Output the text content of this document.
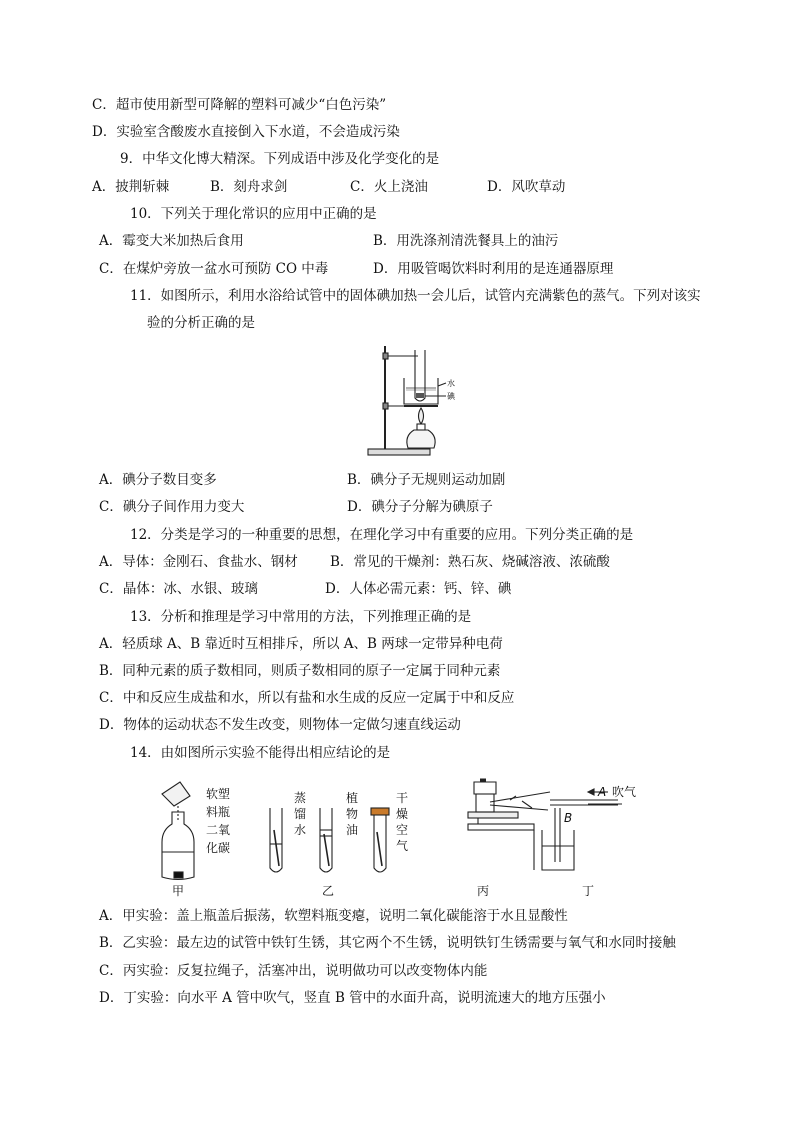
C．超市使用新型可降解的塑料可减少“白色污染”
D．实验室含酸废水直接倒入下水道，不会造成污染
9．中华文化博大精深。下列成语中涉及化学变化的是
A．披荆斩棘	B．刻舟求剑	C．火上浇油	D．风吹草动
10．下列关于理化常识的应用中正确的是
A．霉变大米加热后食用	B．用洗涤剂清洗餐具上的油污
C．在煤炉旁放一盆水可预防 CO 中毒	D．用吸管喝饮料时利用的是连通器原理
11．如图所示，利用水浴给试管中的固体碘加热一会儿后，试管内充满紫色的蒸气。下列对该实
验的分析正确的是
水
碘
A．碘分子数目变多	B．碘分子无规则运动加剧
C．碘分子间作用力变大	D．碘分子分解为碘原子
12．分类是学习的一种重要的思想，在理化学习中有重要的应用。下列分类正确的是
A．导体：金刚石、食盐水、钢材 B．常见的干燥剂：熟石灰、烧碱溶液、浓硫酸
C．晶体：冰、水银、玻璃	D．人体必需元素：钙、锌、碘
13．分析和推理是学习中常用的方法，下列推理正确的是
A．轻质球 A、B 靠近时互相排斥，所以 A、B 两球一定带异种电荷
B．同种元素的质子数相同，则质子数相同的原子一定属于同种元素
C．中和反应生成盐和水，所以有盐和水生成的反应一定属于中和反应
D．物体的运动状态不发生改变，则物体一定做匀速直线运动
14．由如图所示实验不能得出相应结论的是
软塑
料瓶
二氧
化碳
蒸
馏
水
植
物
油
干
燥
空
气
A
B
吹气
甲	乙	丙	丁
A．甲实验：盖上瓶盖后振荡，软塑料瓶变瘪，说明二氧化碳能溶于水且显酸性
B．乙实验：最左边的试管中铁钉生锈，其它两个不生锈，说明铁钉生锈需要与氧气和水同时接触
C．丙实验：反复拉绳子，活塞冲出，说明做功可以改变物体内能
D．丁实验：向水平 A 管中吹气，竖直 B 管中的水面升高，说明流速大的地方压强小
